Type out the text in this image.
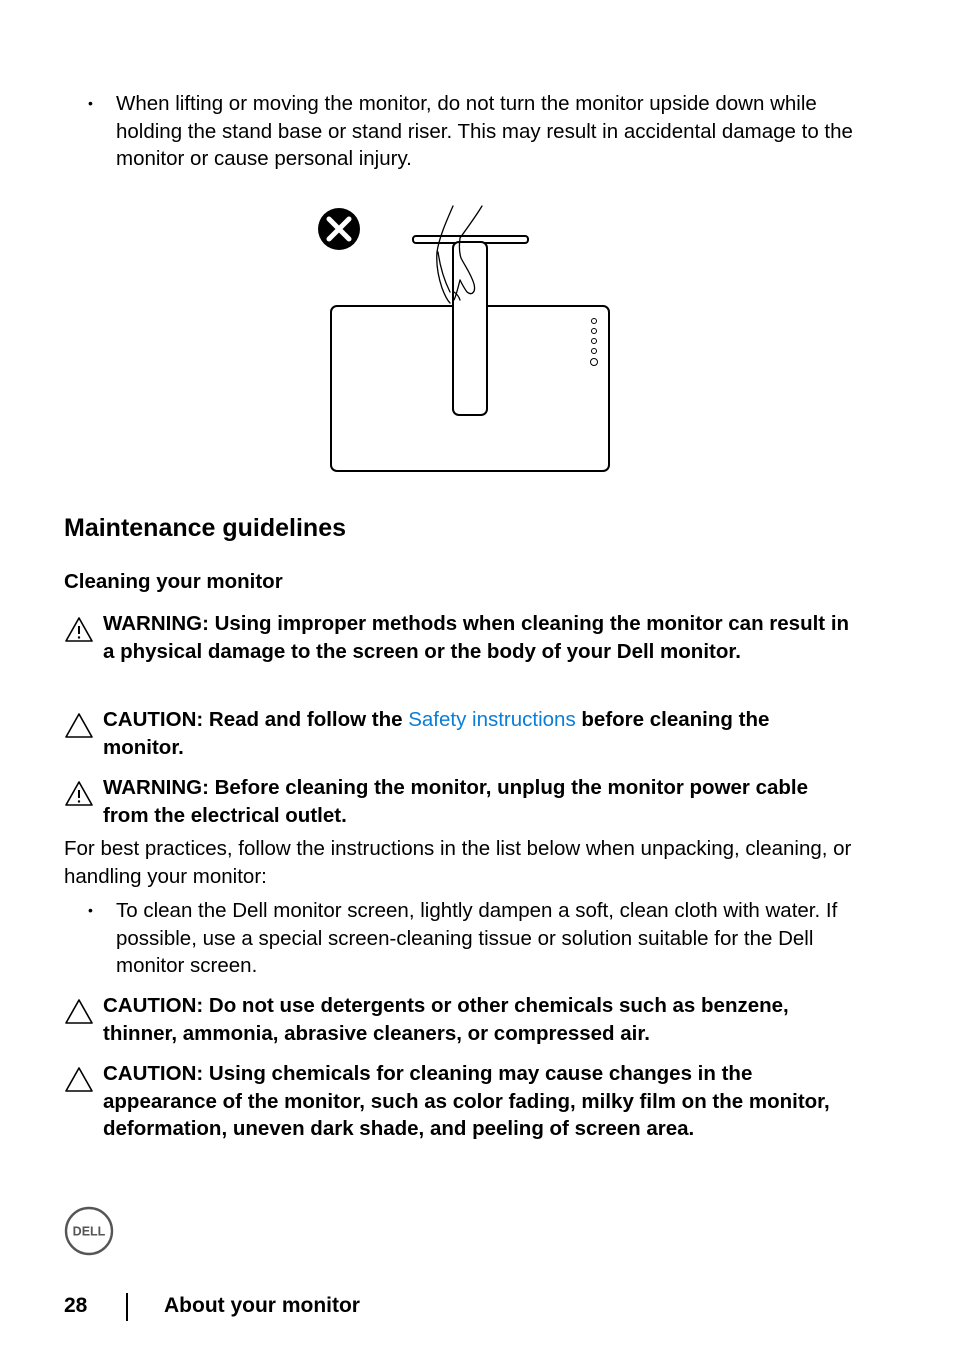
•	When lifting or moving the monitor, do not turn the monitor upside down while holding the stand base or stand riser. This may result in accidental damage to the monitor or cause personal injury.
Maintenance guidelines
Cleaning your monitor
WARNING: Using improper methods when cleaning the monitor can result in a physical damage to the screen or the body of your Dell monitor.
CAUTION: Read and follow the Safety instructions before cleaning the monitor.
WARNING: Before cleaning the monitor, unplug the monitor power cable from the electrical outlet.

For best practices, follow the instructions in the list below when unpacking, cleaning, or handling your monitor:

•	To clean the Dell monitor screen, lightly dampen a soft, clean cloth with water. If possible, use a special screen-cleaning tissue or solution suitable for the Dell monitor screen.
CAUTION: Do not use detergents or other chemicals such as benzene, thinner, ammonia, abrasive cleaners, or compressed air.
CAUTION: Using chemicals for cleaning may cause changes in the appearance of the monitor, such as color fading, milky film on the monitor, deformation, uneven dark shade, and peeling of screen area.
DELL
28	About your monitor
